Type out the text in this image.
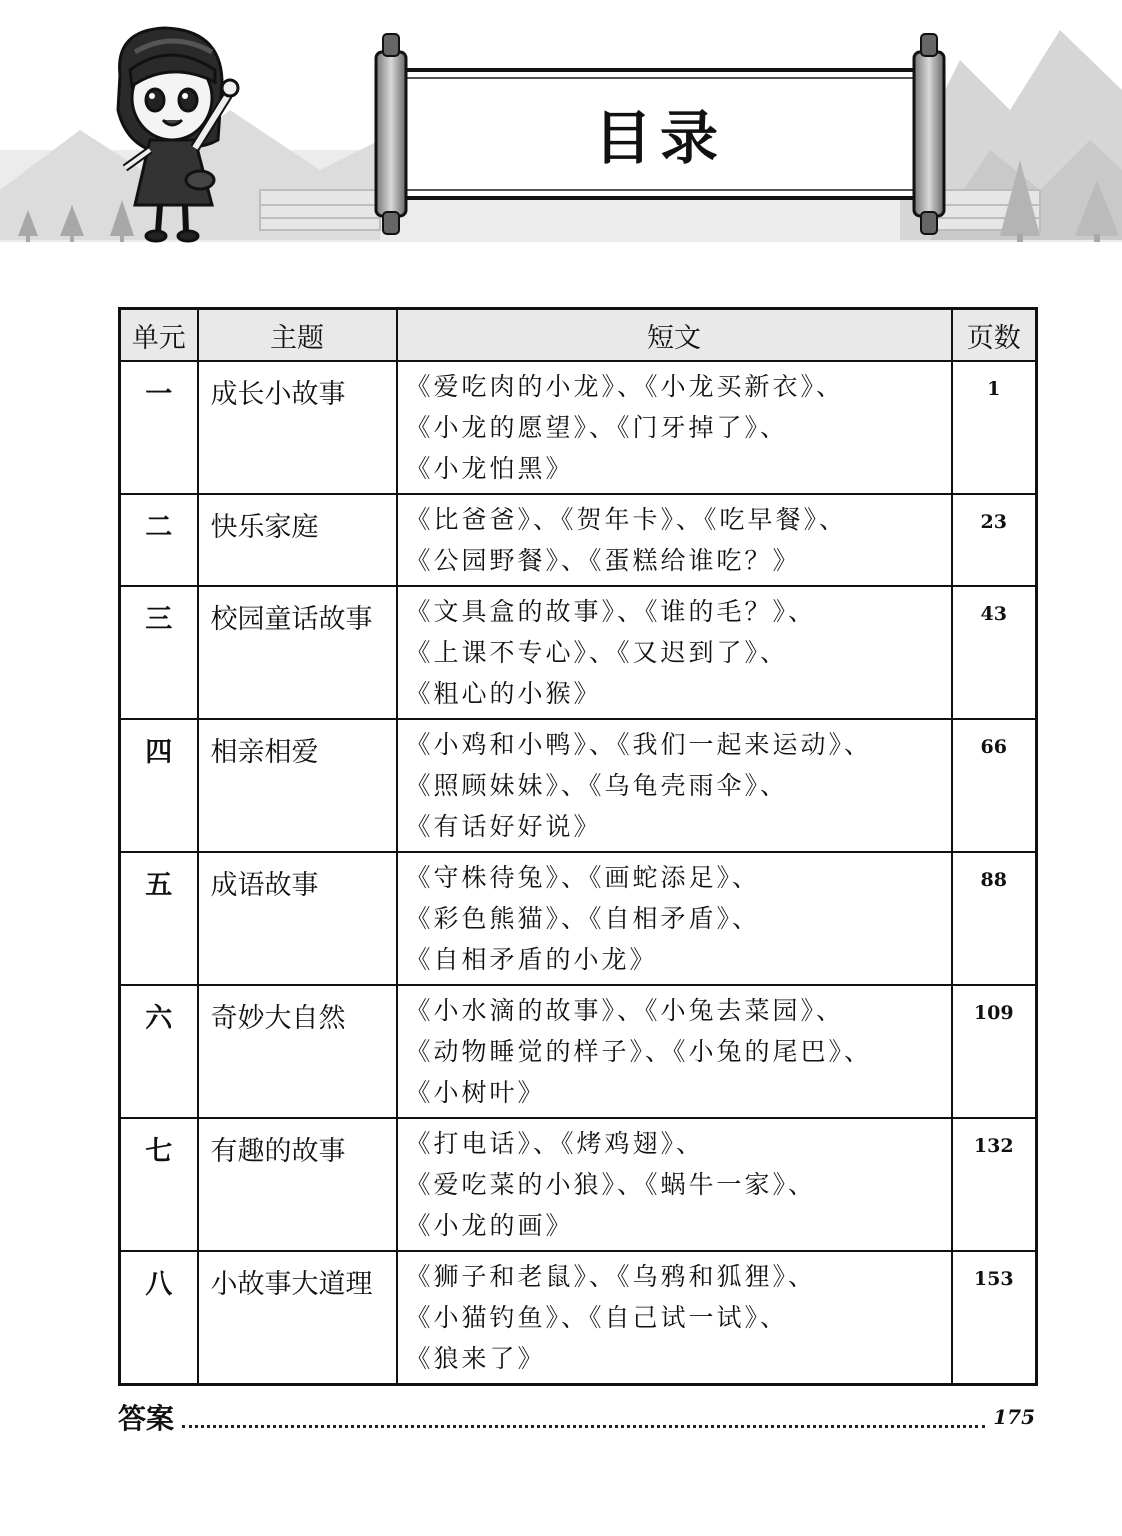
目录
单元	主题	短文	页数
一	成长小故事	《爱吃肉的小龙》、《小龙买新衣》、
《小龙的愿望》、《门牙掉了》、
《小龙怕黑》	1
二	快乐家庭	《比爸爸》、《贺年卡》、《吃早餐》、
《公园野餐》、《蛋糕给谁吃？》	23
三	校园童话故事	《文具盒的故事》、《谁的毛？》、
《上课不专心》、《又迟到了》、
《粗心的小猴》	43
四	相亲相爱	《小鸡和小鸭》、《我们一起来运动》、
《照顾妹妹》、《乌龟壳雨伞》、
《有话好好说》	66
五	成语故事	《守株待兔》、《画蛇添足》、
《彩色熊猫》、《自相矛盾》、
《自相矛盾的小龙》	88
六	奇妙大自然	《小水滴的故事》、《小兔去菜园》、
《动物睡觉的样子》、《小兔的尾巴》、
《小树叶》	109
七	有趣的故事	《打电话》、《烤鸡翅》、
《爱吃菜的小狼》、《蜗牛一家》、
《小龙的画》	132
八	小故事大道理	《狮子和老鼠》、《乌鸦和狐狸》、
《小猫钓鱼》、《自己试一试》、
《狼来了》	153
答案	175
